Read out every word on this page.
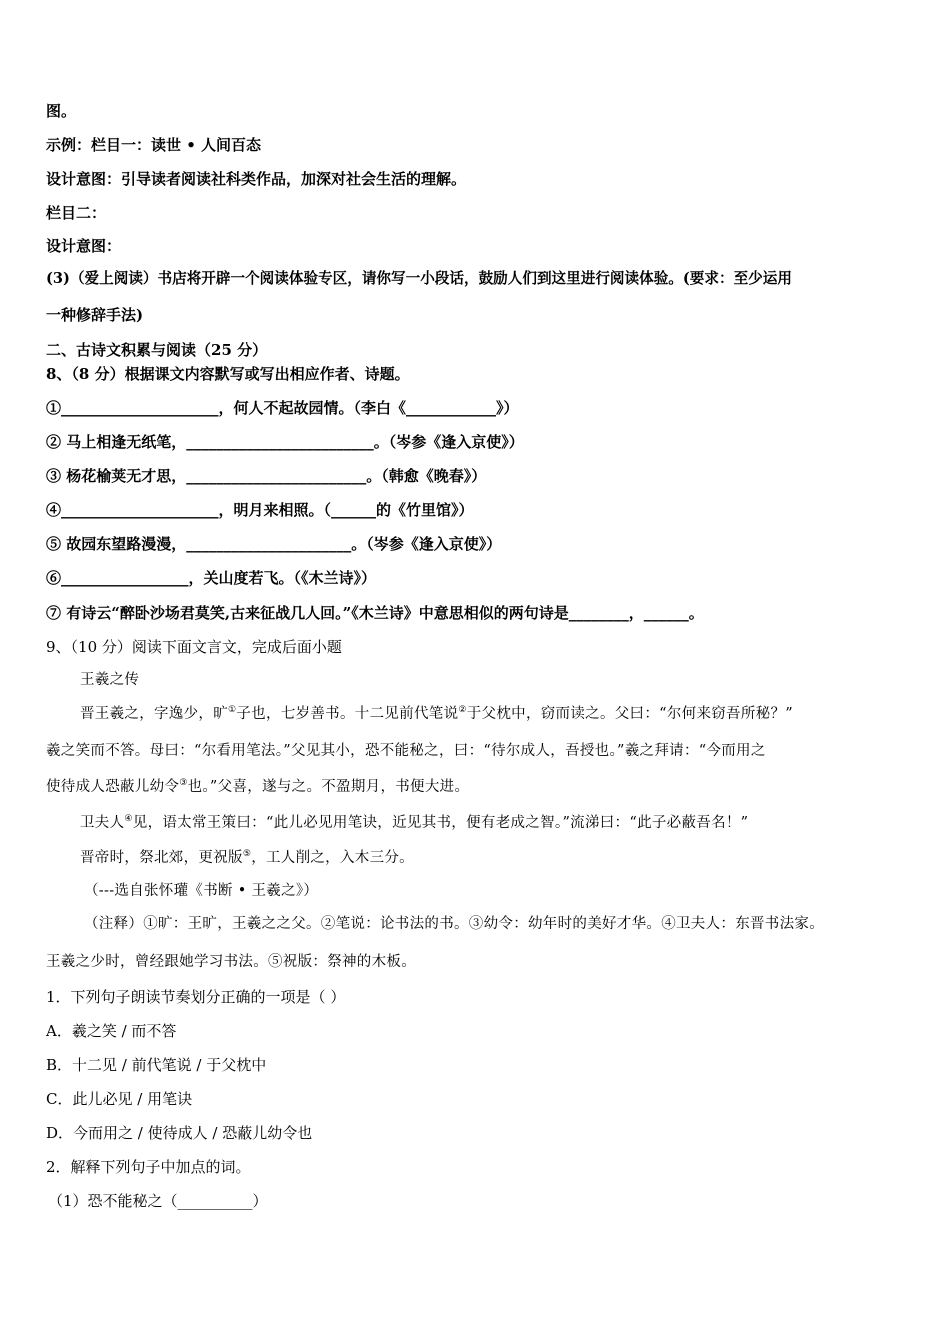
图。
示例：栏目一：读世 • 人间百态
设计意图：引导读者阅读社科类作品，加深对社会生活的理解。
栏目二：
设计意图：
(3)（爱上阅读）书店将开辟一个阅读体验专区，请你写一小段话，鼓励人们到这里进行阅读体验。(要求：至少运用
一种修辞手法)
二、古诗文积累与阅读（25 分）
8、（8 分）根据课文内容默写或写出相应作者、诗题。
①_____________________，何人不起故园情。（李白《____________》）
② 马上相逢无纸笔，_________________________。（岑参《逢入京使》）
③ 杨花榆荚无才思，________________________。（韩愈《晚春》）
④_____________________，明月来相照。（______的《竹里馆》）
⑤ 故园东望路漫漫，______________________。（岑参《逢入京使》）
⑥_________________，关山度若飞。（《木兰诗》）
⑦ 有诗云“醉卧沙场君莫笑,古来征战几人回。”《木兰诗》中意思相似的两句诗是________，______。
9、（10 分）阅读下面文言文，完成后面小题
王羲之传
晋王羲之，字逸少，旷①子也，七岁善书。十二见前代笔说②于父枕中，窃而读之。父曰：“尔何来窃吾所秘？”
羲之笑而不答。母曰：“尔看用笔法。”父见其小，恐不能秘之，曰：“待尔成人，吾授也。”羲之拜请：“今而用之
使待成人恐蔽儿幼令③也。”父喜，遂与之。不盈期月，书便大进。
卫夫人④见，语太常王策曰：“此儿必见用笔诀，近见其书，便有老成之智。”流涕曰：“此子必蔽吾名！”
晋帝时，祭北郊，更祝版⑤，工人削之，入木三分。
（---选自张怀瓘《书断 • 王羲之》）
（注释）①旷：王旷，王羲之之父。②笔说：论书法的书。③幼令：幼年时的美好才华。④卫夫人：东晋书法家。
王羲之少时，曾经跟她学习书法。⑤祝版：祭神的木板。
1．下列句子朗读节奏划分正确的一项是（ ）
A．羲之笑 / 而不答
B．十二见 / 前代笔说 / 于父枕中
C．此儿必见 / 用笔诀
D．今而用之 / 使待成人 / 恐蔽儿幼令也
2．解释下列句子中加点的词。
（1）恐不能秘之（__________）
